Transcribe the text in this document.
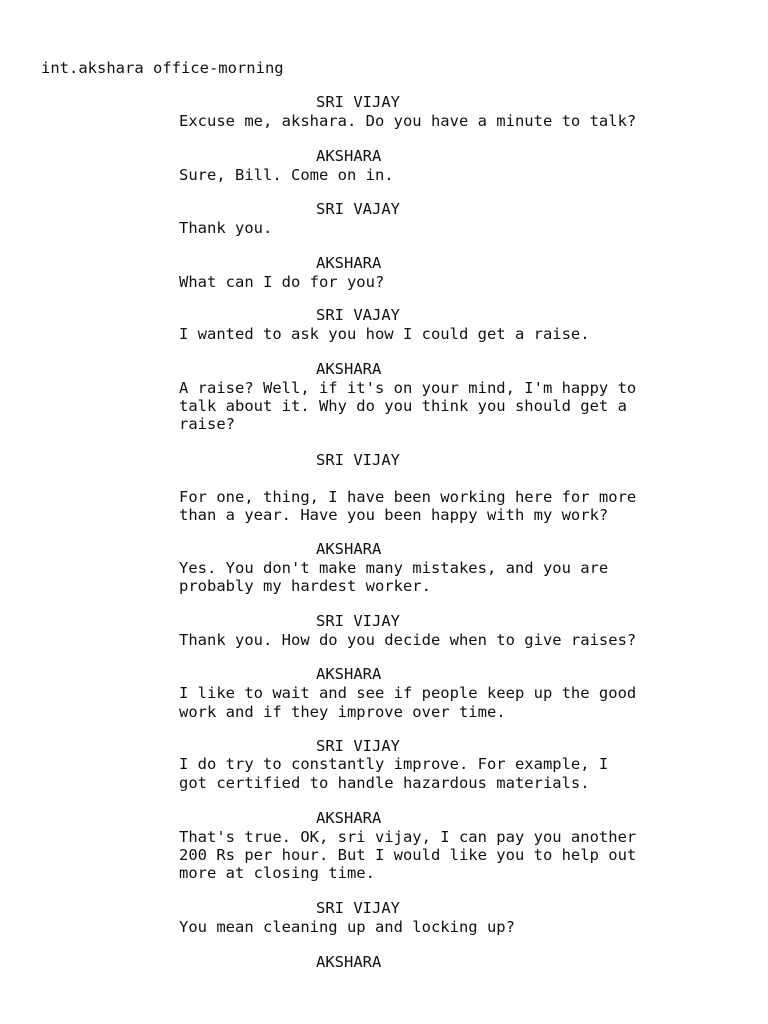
int.akshara office-morning
SRI VIJAY
Excuse me, akshara. Do you have a minute to talk?
AKSHARA
Sure, Bill. Come on in.
SRI VAJAY
Thank you.
AKSHARA
What can I do for you?
SRI VAJAY
I wanted to ask you how I could get a raise.
AKSHARA
A raise? Well, if it's on your mind, I'm happy to
talk about it. Why do you think you should get a
raise?
SRI VIJAY
For one, thing, I have been working here for more
than a year. Have you been happy with my work?
AKSHARA
Yes. You don't make many mistakes, and you are
probably my hardest worker.
SRI VIJAY
Thank you. How do you decide when to give raises?
AKSHARA
I like to wait and see if people keep up the good
work and if they improve over time.
SRI VIJAY
I do try to constantly improve. For example, I
got certified to handle hazardous materials.
AKSHARA
That's true. OK, sri vijay, I can pay you another
200 Rs per hour. But I would like you to help out
more at closing time.
SRI VIJAY
You mean cleaning up and locking up?
AKSHARA
